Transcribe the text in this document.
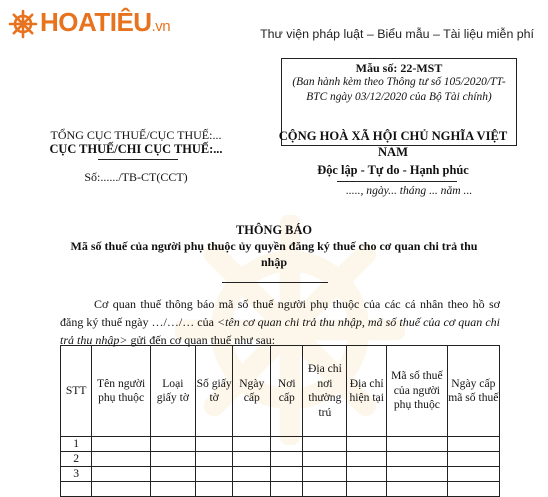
HOATIÊU.vn	Thư viện pháp luật – Biểu mẫu – Tài liệu miễn phí
Mẫu số: 22-MST
(Ban hành kèm theo Thông tư số 105/2020/TT-BTC ngày 03/12/2020 của Bộ Tài chính)
TỔNG CỤC THUẾ/CỤC THUẾ:...
CỤC THUẾ/CHI CỤC THUẾ:...
Số:....../TB-CT(CCT)
CỘNG HOÀ XÃ HỘI CHỦ NGHĨA VIỆT NAM
Độc lập - Tự do - Hạnh phúc
....., ngày... tháng ... năm ...
THÔNG BÁO
Mã số thuế của người phụ thuộc ủy quyền đăng ký thuế cho cơ quan chi trả thu nhập
Cơ quan thuế thông báo mã số thuế người phụ thuộc của các cá nhân theo hồ sơ đăng ký thuế ngày …/…/… của <tên cơ quan chi trả thu nhập, mã số thuế của cơ quan chi trả thu nhập> gửi đến cơ quan thuế như sau:
STT	Tên người phụ thuộc	Loại giấy tờ	Số giấy tờ	Ngày cấp	Nơi cấp	Địa chỉ nơi thường trú	Địa chỉ hiện tại	Mã số thuế của người phụ thuộc	Ngày cấp mã số thuế
1									
2									
3									
